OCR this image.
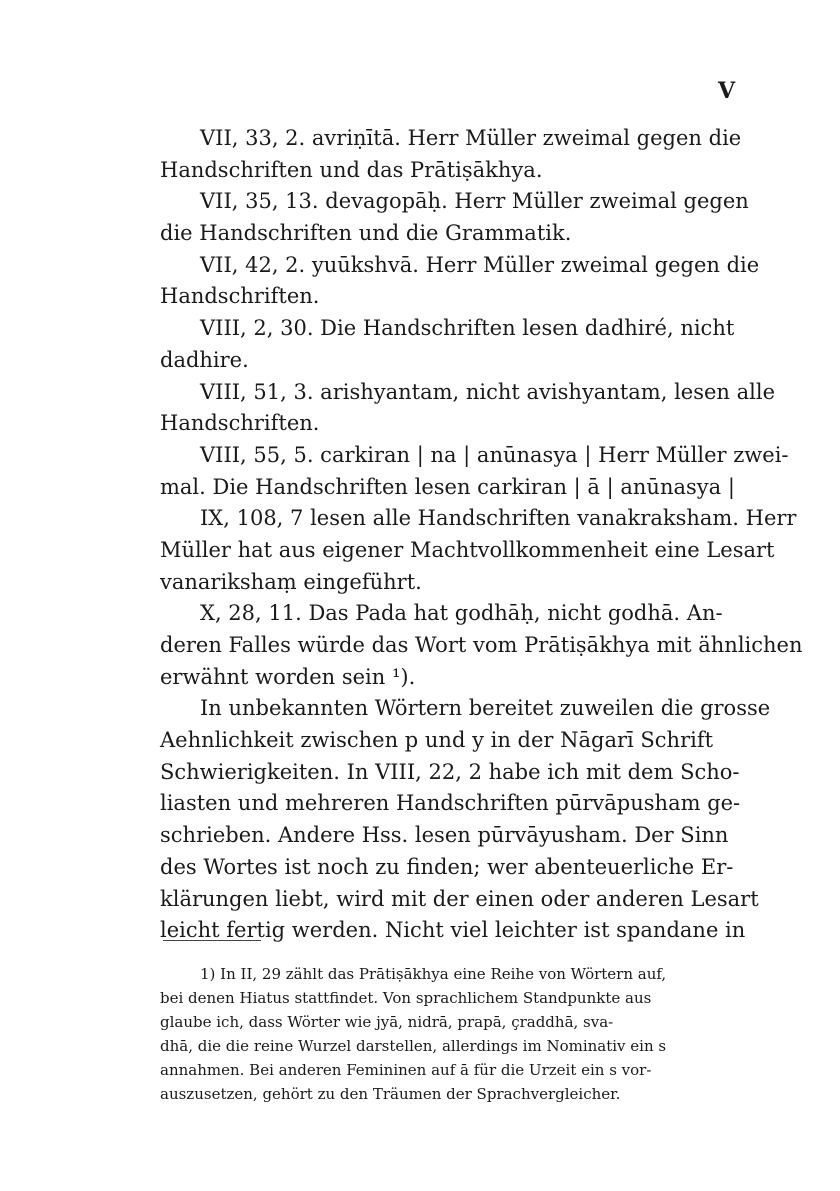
V
VII, 33, 2. avriṇītā. Herr Müller zweimal gegen die
Handschriften und das Prātiṣākhya.
VII, 35, 13. devagopāḥ. Herr Müller zweimal gegen
die Handschriften und die Grammatik.
VII, 42, 2. yuūkshvā. Herr Müller zweimal gegen die
Handschriften.
VIII, 2, 30. Die Handschriften lesen dadhiré, nicht
dadhire.
VIII, 51, 3. arishyantam, nicht avishyantam, lesen alle
Handschriften.
VIII, 55, 5. carkiran | na | anūnasya | Herr Müller zwei-
mal. Die Handschriften lesen carkiran | ā | anūnasya |
IX, 108, 7 lesen alle Handschriften vanakraksham. Herr
Müller hat aus eigener Machtvollkommenheit eine Lesart
vanarikshaṃ eingeführt.
X, 28, 11. Das Pada hat godhāḥ, nicht godhā. An-
deren Falles würde das Wort vom Prātiṣākhya mit ähnlichen
erwähnt worden sein ¹).
In unbekannten Wörtern bereitet zuweilen die grosse
Aehnlichkeit zwischen p und y in der Nāgarī Schrift
Schwierigkeiten. In VIII, 22, 2 habe ich mit dem Scho-
liasten und mehreren Handschriften pūrvāpusham ge-
schrieben. Andere Hss. lesen pūrvāyusham. Der Sinn
des Wortes ist noch zu finden; wer abenteuerliche Er-
klärungen liebt, wird mit der einen oder anderen Lesart
leicht fertig werden. Nicht viel leichter ist spandane in
1) In II, 29 zählt das Prātiṣākhya eine Reihe von Wörtern auf,
bei denen Hiatus stattfindet. Von sprachlichem Standpunkte aus
glaube ich, dass Wörter wie jyā, nidrā, prapā, çraddhā, sva-
dhā, die die reine Wurzel darstellen, allerdings im Nominativ ein s
annahmen. Bei anderen Femininen auf ā für die Urzeit ein s vor-
auszusetzen, gehört zu den Träumen der Sprachvergleicher.
